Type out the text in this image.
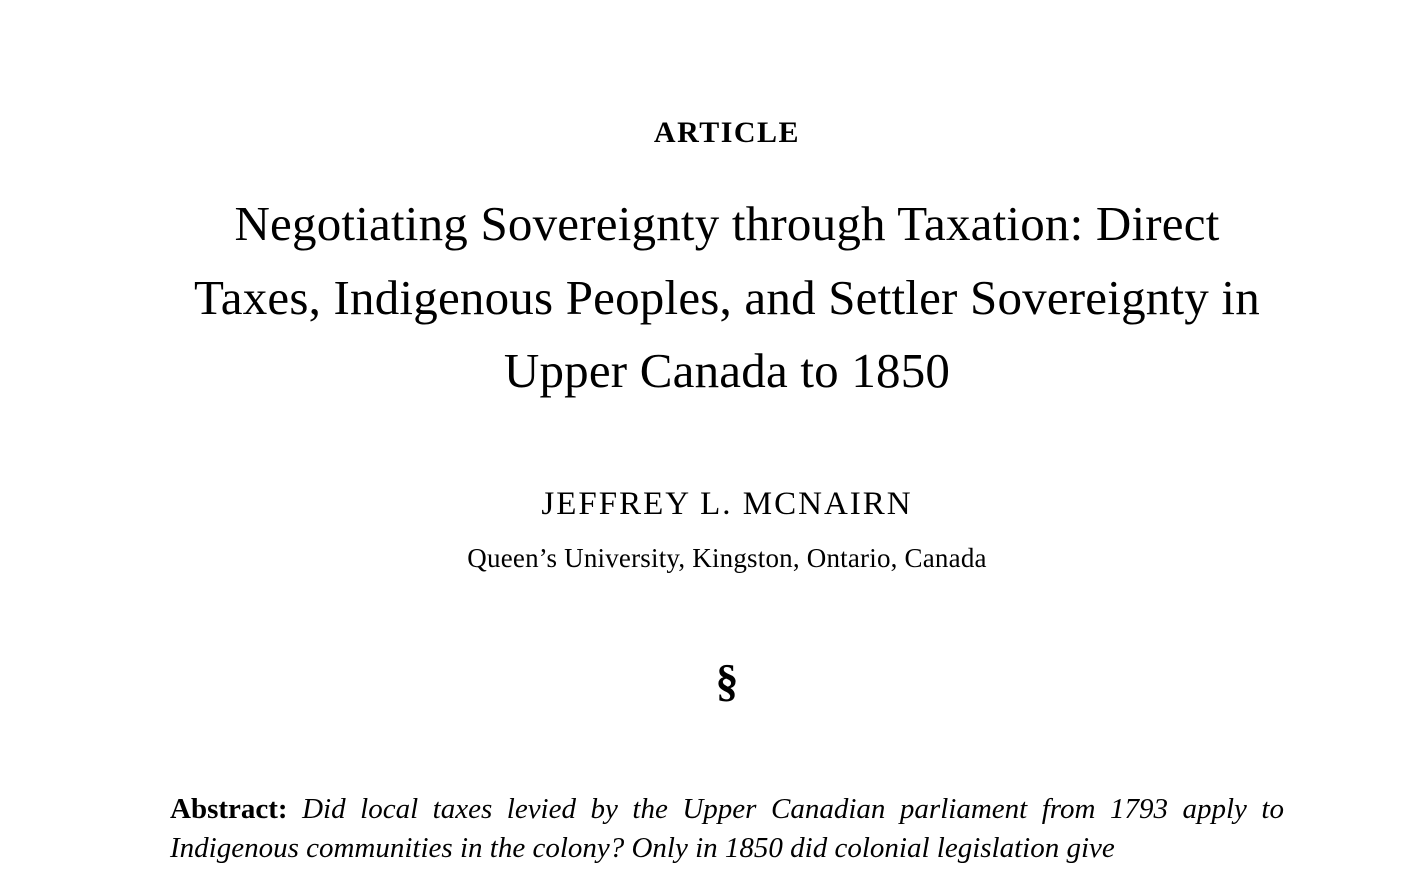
ARTICLE
Negotiating Sovereignty through Taxation: Direct Taxes, Indigenous Peoples, and Settler Sovereignty in Upper Canada to 1850
JEFFREY L. MCNAIRN
Queen’s University, Kingston, Ontario, Canada
§

Abstract: Did local taxes levied by the Upper Canadian parliament from 1793 apply to Indigenous communities in the colony? Only in 1850 did colonial legislation give
